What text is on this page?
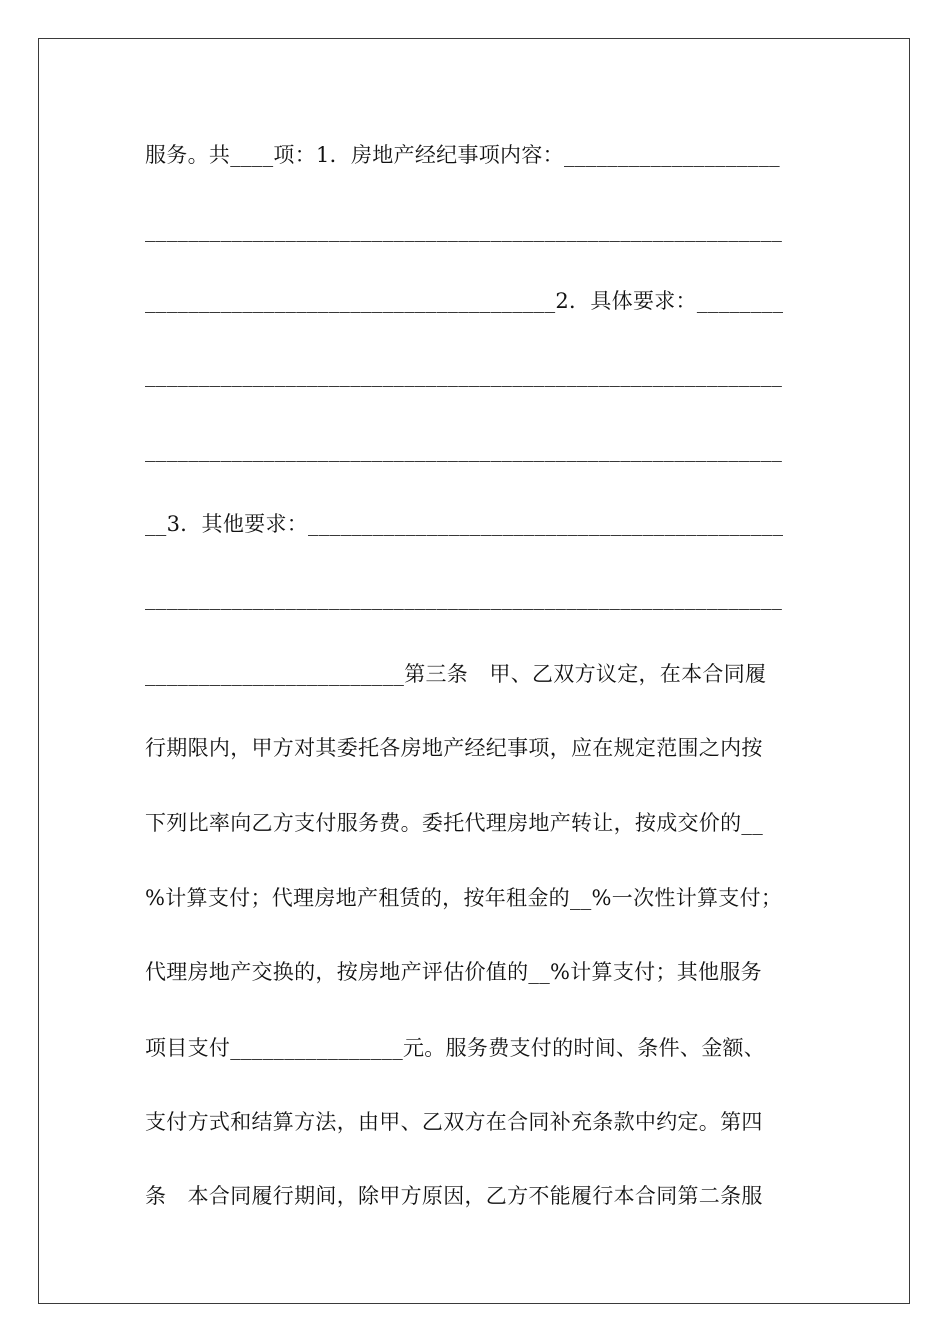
服务。共____项：1．房地产经纪事项内容：____________________
___________________________________________________________
______________________________________2．具体要求：________
___________________________________________________________
___________________________________________________________
__3．其他要求：____________________________________________
___________________________________________________________
________________________第三条　甲、乙双方议定，在本合同履
行期限内，甲方对其委托各房地产经纪事项，应在规定范围之内按
下列比率向乙方支付服务费。委托代理房地产转让，按成交价的__
%计算支付；代理房地产租赁的，按年租金的__%一次性计算支付；
代理房地产交换的，按房地产评估价值的__%计算支付；其他服务
项目支付________________元。服务费支付的时间、条件、金额、
支付方式和结算方法，由甲、乙双方在合同补充条款中约定。第四
条　本合同履行期间，除甲方原因，乙方不能履行本合同第二条服
